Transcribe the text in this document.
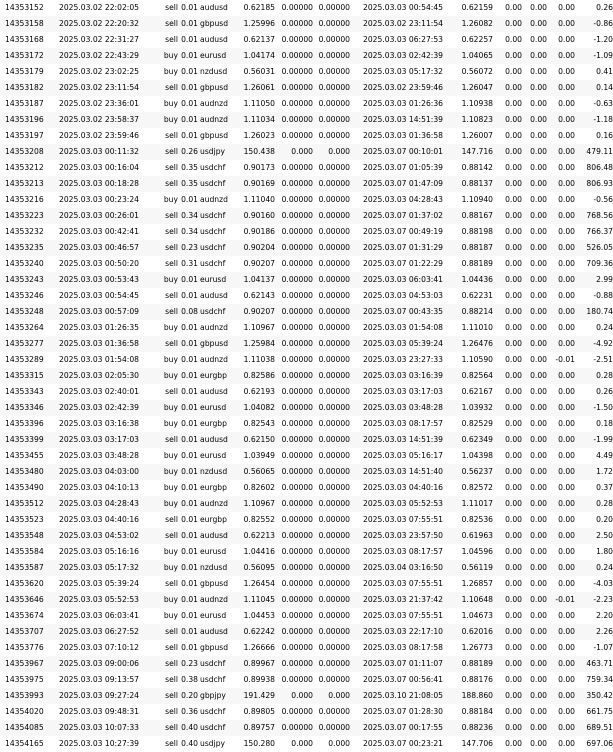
14353152	2025.03.02 22:02:05	sell 0.01 audusd	0.62185 0.00000 0.00000 2025.03.03 00:54:45	0.62159	0.00	0.00	0.00	0.26
14353158	2025.03.02 22:20:32	sell 0.01 gbpusd	1.25996 0.00000 0.00000 2025.03.02 23:11:54	1.26082	0.00	0.00	0.00	-0.86
14353168	2025.03.02 22:31:27	sell 0.01 audusd	0.62137 0.00000 0.00000 2025.03.03 06:27:53	0.62257	0.00	0.00	0.00	-1.20
14353172	2025.03.02 22:43:29	buy 0.01 eurusd	1.04174 0.00000 0.00000 2025.03.03 02:42:39	1.04065	0.00	0.00	0.00	-1.09
14353179	2025.03.02 23:02:25	buy 0.01 nzdusd	0.56031 0.00000 0.00000 2025.03.03 05:17:32	0.56072	0.00	0.00	0.00	0.41
14353182	2025.03.02 23:11:54	sell 0.01 gbpusd	1.26061 0.00000 0.00000 2025.03.02 23:59:46	1.26047	0.00	0.00	0.00	0.14
14353187	2025.03.02 23:36:01	buy 0.01 audnzd	1.11050 0.00000 0.00000 2025.03.03 01:26:36	1.10938	0.00	0.00	0.00	-0.63
14353196	2025.03.02 23:58:37	buy 0.01 audnzd	1.11034 0.00000 0.00000 2025.03.03 14:51:39	1.10823	0.00	0.00	0.00	-1.18
14353197	2025.03.02 23:59:46	sell 0.01 gbpusd	1.26023 0.00000 0.00000 2025.03.03 01:36:58	1.26007	0.00	0.00	0.00	0.16
14353208	2025.03.03 00:11:32	sell 0.26 usdjpy	150.438	0.000	0.000 2025.03.07 00:10:01	147.716	0.00	0.00	0.00	479.11
14353212	2025.03.03 00:16:04	sell 0.35 usdchf	0.90173 0.00000 0.00000 2025.03.07 01:05:39	0.88142	0.00	0.00	0.00	806.48
14353213	2025.03.03 00:18:28	sell 0.35 usdchf	0.90169 0.00000 0.00000 2025.03.07 01:47:09	0.88137	0.00	0.00	0.00	806.93
14353216	2025.03.03 00:23:24	buy 0.01 audnzd	1.11040 0.00000 0.00000 2025.03.03 04:28:43	1.10940	0.00	0.00	0.00	-0.56
14353223	2025.03.03 00:26:01	sell 0.34 usdchf	0.90160 0.00000 0.00000 2025.03.07 01:37:02	0.88167	0.00	0.00	0.00	768.56
14353232	2025.03.03 00:42:41	sell 0.34 usdchf	0.90186 0.00000 0.00000 2025.03.07 00:49:19	0.88198	0.00	0.00	0.00	766.37
14353235	2025.03.03 00:46:57	sell 0.23 usdchf	0.90204 0.00000 0.00000 2025.03.07 01:31:29	0.88187	0.00	0.00	0.00	526.05
14353240	2025.03.03 00:50:20	sell 0.31 usdchf	0.90207 0.00000 0.00000 2025.03.07 01:22:29	0.88189	0.00	0.00	0.00	709.36
14353243	2025.03.03 00:53:43	buy 0.01 eurusd	1.04137 0.00000 0.00000 2025.03.03 06:03:41	1.04436	0.00	0.00	0.00	2.99
14353246	2025.03.03 00:54:45	sell 0.01 audusd	0.62143 0.00000 0.00000 2025.03.03 04:53:03	0.62231	0.00	0.00	0.00	-0.88
14353248	2025.03.03 00:57:09	sell 0.08 usdchf	0.90207 0.00000 0.00000 2025.03.07 00:43:35	0.88214	0.00	0.00	0.00	180.74
14353264	2025.03.03 01:26:35	buy 0.01 audnzd	1.10967 0.00000 0.00000 2025.03.03 01:54:08	1.11010	0.00	0.00	0.00	0.24
14353277	2025.03.03 01:36:58	sell 0.01 gbpusd	1.25984 0.00000 0.00000 2025.03.03 05:39:24	1.26476	0.00	0.00	0.00	-4.92
14353289	2025.03.03 01:54:08	buy 0.01 audnzd	1.11038 0.00000 0.00000 2025.03.03 23:27:33	1.10590	0.00	0.00	-0.01	-2.51
14353315	2025.03.03 02:05:30	buy 0.01 eurgbp	0.82586 0.00000 0.00000 2025.03.03 03:16:39	0.82564	0.00	0.00	0.00	0.28
14353343	2025.03.03 02:40:01	sell 0.01 audusd	0.62193 0.00000 0.00000 2025.03.03 03:17:03	0.62167	0.00	0.00	0.00	0.26
14353346	2025.03.03 02:42:39	buy 0.01 eurusd	1.04082 0.00000 0.00000 2025.03.03 03:48:28	1.03932	0.00	0.00	0.00	-1.50
14353396	2025.03.03 03:16:38	buy 0.01 eurgbp	0.82543 0.00000 0.00000 2025.03.03 08:17:57	0.82529	0.00	0.00	0.00	0.18
14353399	2025.03.03 03:17:03	sell 0.01 audusd	0.62150 0.00000 0.00000 2025.03.03 14:51:39	0.62349	0.00	0.00	0.00	-1.99
14353455	2025.03.03 03:48:28	buy 0.01 eurusd	1.03949 0.00000 0.00000 2025.03.03 05:16:17	1.04398	0.00	0.00	0.00	4.49
14353480	2025.03.03 04:03:00	buy 0.01 nzdusd	0.56065 0.00000 0.00000 2025.03.03 14:51:40	0.56237	0.00	0.00	0.00	1.72
14353490	2025.03.03 04:10:13	buy 0.01 eurgbp	0.82602 0.00000 0.00000 2025.03.03 04:40:16	0.82572	0.00	0.00	0.00	0.37
14353512	2025.03.03 04:28:43	buy 0.01 audnzd	1.10967 0.00000 0.00000 2025.03.03 05:52:53	1.11017	0.00	0.00	0.00	0.28
14353523	2025.03.03 04:40:16	sell 0.01 eurgbp	0.82552 0.00000 0.00000 2025.03.03 07:55:51	0.82536	0.00	0.00	0.00	0.20
14353548	2025.03.03 04:53:02	sell 0.01 audusd	0.62213 0.00000 0.00000 2025.03.03 23:57:50	0.61963	0.00	0.00	0.00	2.50
14353584	2025.03.03 05:16:16	buy 0.01 eurusd	1.04416 0.00000 0.00000 2025.03.03 08:17:57	1.04596	0.00	0.00	0.00	1.80
14353587	2025.03.03 05:17:32	buy 0.01 nzdusd	0.56095 0.00000 0.00000 2025.03.04 03:16:50	0.56119	0.00	0.00	0.00	0.24
14353620	2025.03.03 05:39:24	sell 0.01 gbpusd	1.26454 0.00000 0.00000 2025.03.03 07:55:51	1.26857	0.00	0.00	0.00	-4.03
14353646	2025.03.03 05:52:53	buy 0.01 audnzd	1.11045 0.00000 0.00000 2025.03.03 21:37:42	1.10648	0.00	0.00	-0.01	-2.23
14353674	2025.03.03 06:03:41	buy 0.01 eurusd	1.04453 0.00000 0.00000 2025.03.03 07:55:51	1.04673	0.00	0.00	0.00	2.20
14353707	2025.03.03 06:27:52	sell 0.01 audusd	0.62242 0.00000 0.00000 2025.03.03 22:17:10	0.62016	0.00	0.00	0.00	2.26
14353776	2025.03.03 07:10:12	sell 0.01 gbpusd	1.26666 0.00000 0.00000 2025.03.03 08:17:58	1.26773	0.00	0.00	0.00	-1.07
14353967	2025.03.03 09:00:06	sell 0.23 usdchf	0.89967 0.00000 0.00000 2025.03.07 01:11:07	0.88189	0.00	0.00	0.00	463.71
14353975	2025.03.03 09:13:57	sell 0.38 usdchf	0.89938 0.00000 0.00000 2025.03.07 00:56:41	0.88176	0.00	0.00	0.00	759.34
14353993	2025.03.03 09:27:24	sell 0.20 gbpjpy	191.429	0.000	0.000 2025.03.10 21:08:05	188.860	0.00	0.00	0.00	350.42
14354020	2025.03.03 09:48:31	sell 0.36 usdchf	0.89805 0.00000 0.00000 2025.03.07 01:28:30	0.88184	0.00	0.00	0.00	661.75
14354085	2025.03.03 10:07:33	sell 0.40 usdchf	0.89757 0.00000 0.00000 2025.03.07 00:17:55	0.88236	0.00	0.00	0.00	689.51
14354165	2025.03.03 10:27:39	sell 0.40 usdjpy	150.280	0.000	0.000 2025.03.07 00:23:21	147.706	0.00	0.00	0.00	697.06
